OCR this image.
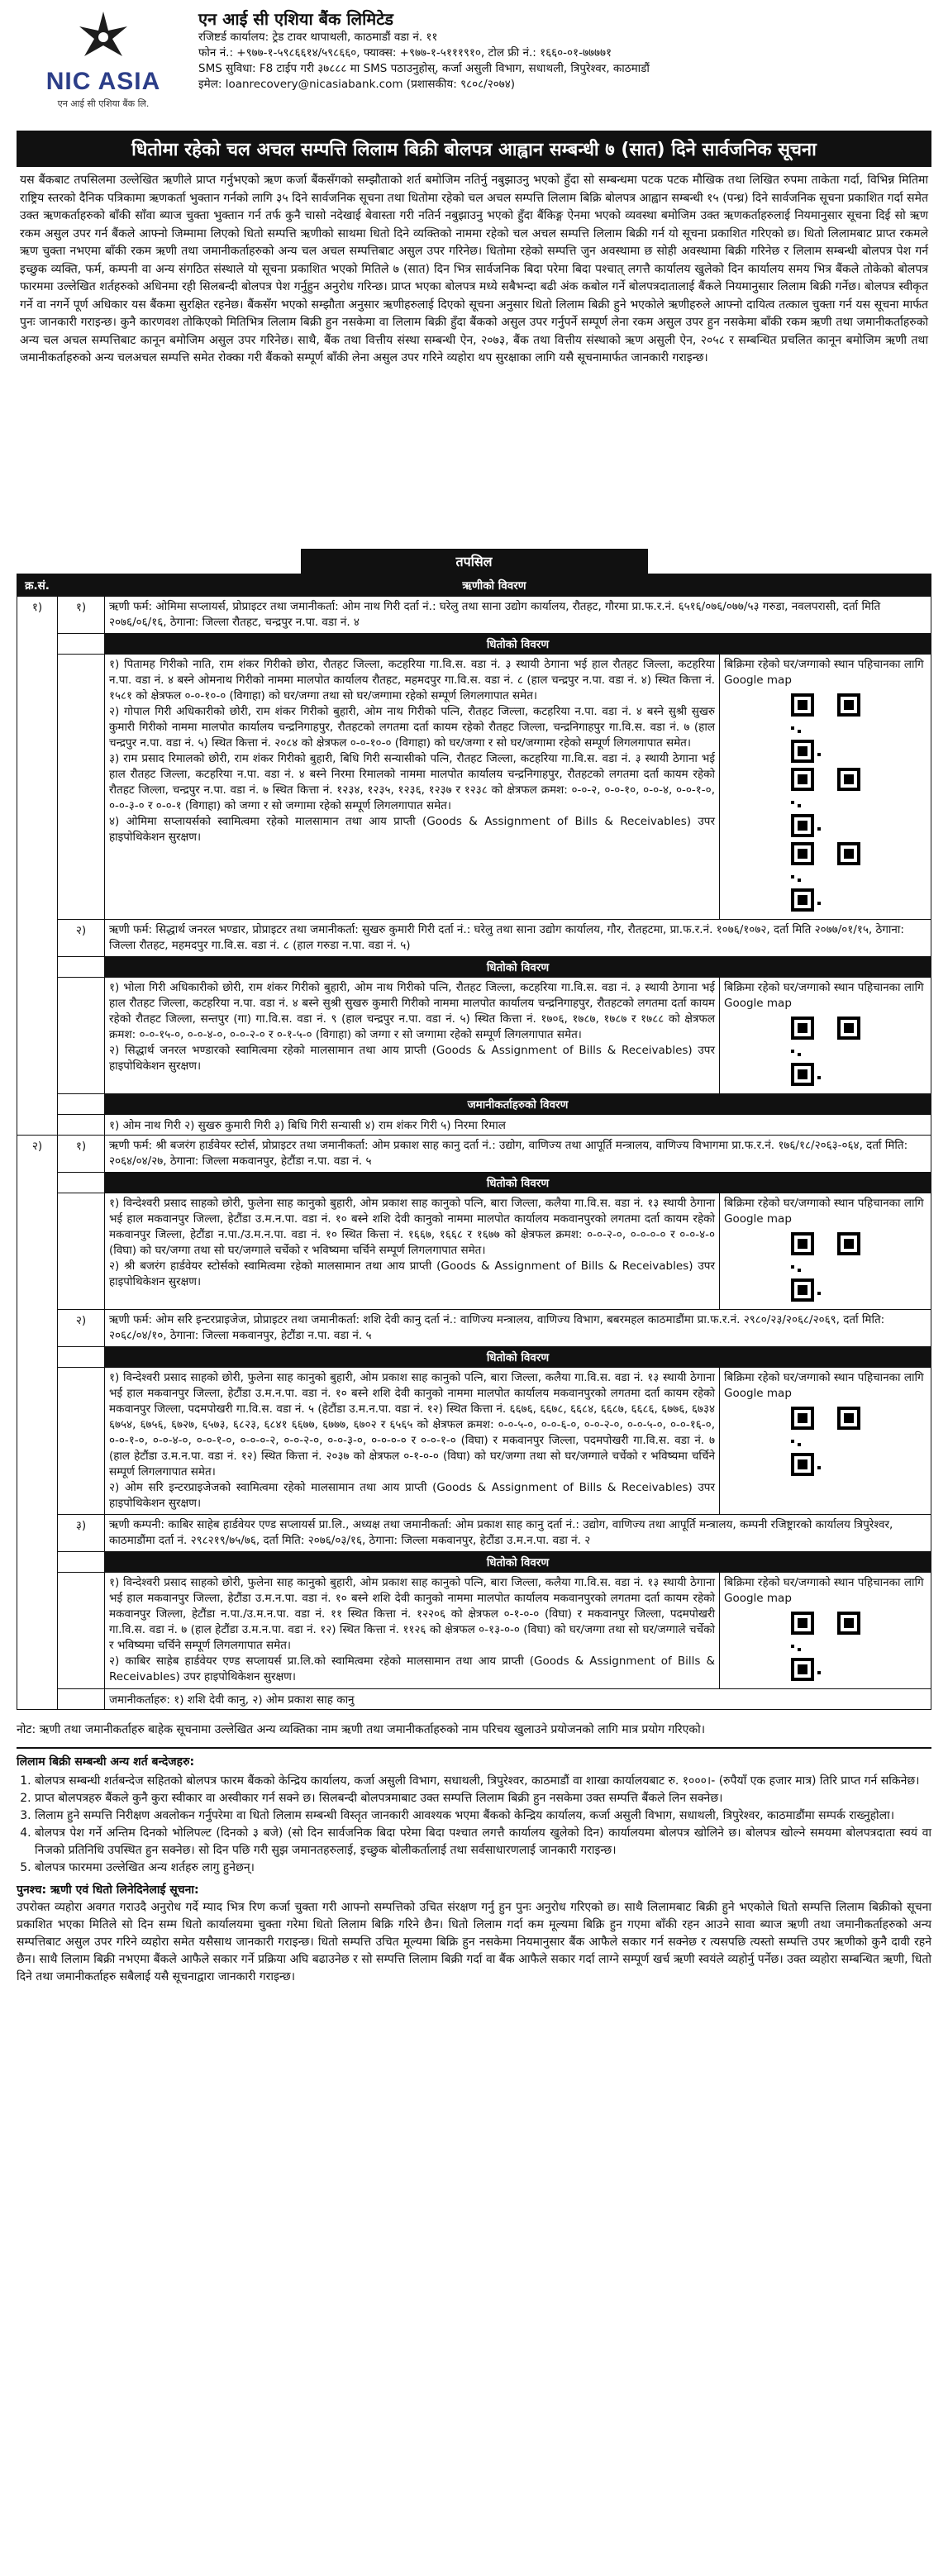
NIC ASIA
एन आई सी एशिया बैंक लि.
एन आई सी एशिया बैंक लिमिटेड
रजिष्टर्ड कार्यालय: ट्रेड टावर थापाथली, काठमाडौं वडा नं. ११
फोन नं.: +९७७-१-५९८६६१४/५९८६६०, फ्याक्स: +९७७-१-५१११९१०, टोल फ्री नं.: १६६०-०१-७७७७१
SMS सुविधा: F8 टाईप गरी ३७८८८ मा SMS पठाउनुहोस्, कर्जा असुली विभाग, सधाथली, त्रिपुरेश्वर, काठमाडौं
इमेल: loanrecovery@nicasiabank.com (प्रशासकीय: ९८०८/२०७४)
धितोमा रहेको चल अचल सम्पत्ति लिलाम बिक्री बोलपत्र आह्वान सम्बन्धी ७ (सात) दिने सार्वजनिक सूचना
यस बैंकबाट तपसिलमा उल्लेखित ऋणीले प्राप्त गर्नुभएको ऋण कर्जा बैंकसँगको सम्झौताको शर्त बमोजिम नतिर्नु नबुझाउनु भएको हुँदा सो सम्बन्धमा पटक पटक मौखिक तथा लिखित रुपमा ताकेता गर्दा, विभिन्न मितिमा राष्ट्रिय स्तरको दैनिक पत्रिकामा ऋणकर्ता भुक्तान गर्नको लागि ३५ दिने सार्वजनिक सूचना तथा धितोमा रहेको चल अचल सम्पत्ति लिलाम बिक्रि बोलपत्र आह्वान सम्बन्धी १५ (पन्ध्र) दिने सार्वजनिक सूचना प्रकाशित गर्दा समेत उक्त ऋणकर्ताहरुको बाँकी साँवा ब्याज चुक्ता भुक्तान गर्न तर्फ कुनै चासो नदेखाई बेवास्ता गरी नतिर्न नबुझाउनु भएको हुँदा बैंकिङ्ग ऐनमा भएको व्यवस्था बमोजिम उक्त ऋणकर्ताहरुलाई नियमानुसार सूचना दिई सो ऋण रकम असुल उपर गर्न बैंकले आफ्नो जिम्मामा लिएको धितो सम्पत्ति ऋणीको साथमा धितो दिने व्यक्तिको नाममा रहेको चल अचल सम्पत्ति लिलाम बिक्री गर्न यो सूचना प्रकाशित गरिएको छ। धितो लिलामबाट प्राप्त रकमले ऋण चुक्ता नभएमा बाँकी रकम ऋणी तथा जमानीकर्ताहरुको अन्य चल अचल सम्पत्तिबाट असुल उपर गरिनेछ। धितोमा रहेको सम्पत्ति जुन अवस्थामा छ सोही अवस्थामा बिक्री गरिनेछ र लिलाम सम्बन्धी बोलपत्र पेश गर्न इच्छुक व्यक्ति, फर्म, कम्पनी वा अन्य संगठित संस्थाले यो सूचना प्रकाशित भएको मितिले ७ (सात) दिन भित्र सार्वजनिक बिदा परेमा बिदा पश्चात् लगत्तै कार्यालय खुलेको दिन कार्यालय समय भित्र बैंकले तोकेको बोलपत्र फारममा उल्लेखित शर्तहरुको अधिनमा रही सिलबन्दी बोलपत्र पेश गर्नुहुन अनुरोध गरिन्छ। प्राप्त भएका बोलपत्र मध्ये सबैभन्दा बढी अंक कबोल गर्ने बोलपत्रदातालाई बैंकले नियमानुसार लिलाम बिक्री गर्नेछ। बोलपत्र स्वीकृत गर्ने वा नगर्ने पूर्ण अधिकार यस बैंकमा सुरक्षित रहनेछ। बैंकसँग भएको सम्झौता अनुसार ऋणीहरुलाई दिएको सूचना अनुसार धितो लिलाम बिक्री हुने भएकोले ऋणीहरुले आफ्नो दायित्व तत्काल चुक्ता गर्न यस सूचना मार्फत पुनः जानकारी गराइन्छ। कुनै कारणवश तोकिएको मितिभित्र लिलाम बिक्री हुन नसकेमा वा लिलाम बिक्री हुँदा बैंकको असुल उपर गर्नुपर्ने सम्पूर्ण लेना रकम असुल उपर हुन नसकेमा बाँकी रकम ऋणी तथा जमानीकर्ताहरुको अन्य चल अचल सम्पत्तिबाट कानून बमोजिम असुल उपर गरिनेछ। साथै, बैंक तथा वित्तीय संस्था सम्बन्धी ऐन, २०७३, बैंक तथा वित्तीय संस्थाको ऋण असुली ऐन, २०५८ र सम्बन्धित प्रचलित कानून बमोजिम ऋणी तथा जमानीकर्ताहरुको अन्य चलअचल सम्पत्ति समेत रोक्का गरी बैंकको सम्पूर्ण बाँकी लेना असुल उपर गरिने व्यहोरा थप सुरक्षाका लागि यसै सूचनामार्फत जानकारी गराइन्छ।
तपसिल
क्र.सं.	ऋणीको विवरण		
१)	१)	ऋणी फर्म: ओमिमा सप्लायर्स, प्रोप्राइटर तथा जमानीकर्ता: ओम नाथ गिरी दर्ता नं.: घरेलु तथा साना उद्योग कार्यालय, रौतहट, गौरमा प्रा.फ.र.नं. ६५१६/०७६/०७७/५३ गरुडा, नवलपरासी, दर्ता मिति २०७६/०६/१६, ठेगाना: जिल्ला रौतहट, चन्द्रपुर न.पा. वडा नं. ४	
		धितोको विवरण	

		१) पितामह गिरीको नाति, राम शंकर गिरीको छोरा, रौतहट जिल्ला, कटहरिया गा.वि.स. वडा नं. ३ स्थायी ठेगाना भई हाल रौतहट जिल्ला, कटहरिया न.पा. वडा नं. ४ बस्ने ओमनाथ गिरीको नाममा मालपोत कार्यालय रौतहट, महमदपुर गा.वि.स. वडा नं. ८ (हाल चन्द्रपुर न.पा. वडा नं. ४) स्थित कित्ता नं. १५८१ को क्षेत्रफल ०-०-१०-० (विगाहा) को घर/जग्गा तथा सो घर/जग्गामा रहेको सम्पूर्ण लिगलगापात समेत।
२) गोपाल गिरी अधिकारीको छोरी, राम शंकर गिरीको बुहारी, ओम नाथ गिरीको पत्नि, रौतहट जिल्ला, कटहरिया न.पा. वडा नं. ४ बस्ने सुश्री सुखरु कुमारी गिरीको नाममा मालपोत कार्यालय चन्द्रनिगाहपुर, रौतहटको लगतमा दर्ता कायम रहेको रौतहट जिल्ला, चन्द्रनिगाहपुर गा.वि.स. वडा नं. ७ (हाल चन्द्रपुर न.पा. वडा नं. ५) स्थित कित्ता नं. २०८४ को क्षेत्रफल ०-०-१०-० (विगाहा) को घर/जग्गा र सो घर/जग्गामा रहेको सम्पूर्ण लिगलगापात समेत।
३) राम प्रसाद रिमालको छोरी, राम शंकर गिरीको बुहारी, बिधि गिरी सन्यासीको पत्नि, रौतहट जिल्ला, कटहरिया गा.वि.स. वडा नं. ३ स्थायी ठेगाना भई हाल रौतहट जिल्ला, कटहरिया न.पा. वडा नं. ४ बस्ने निरमा रिमालको नाममा मालपोत कार्यालय चन्द्रनिगाहपुर, रौतहटको लगतमा दर्ता कायम रहेको रौतहट जिल्ला, चन्द्रपुर न.पा. वडा नं. ७ स्थित कित्ता नं. १२३४, १२३५, १२३६, १२३७ र १२३८ को क्षेत्रफल क्रमश: ०-०-२, ०-०-१०, ०-०-४, ०-०-१-०, ०-०-३-० र ०-०-१ (विगाहा) को जग्गा र सो जग्गामा रहेको सम्पूर्ण लिगलगापात समेत।
४) ओमिमा सप्लायर्सको स्वामित्वमा रहेको मालसामान तथा आय प्राप्ती (Goods & Assignment of Bills & Receivables) उपर हाइपोथिकेशन सुरक्षण।	बिक्रिमा रहेको घर/जग्गाको स्थान पहिचानका लागि Google map

	२)	ऋणी फर्म: सिद्धार्थ जनरल भण्डार, प्रोप्राइटर तथा जमानीकर्ता: सुखरु कुमारी गिरी दर्ता नं.: घरेलु तथा साना उद्योग कार्यालय, गौर, रौतहटमा, प्रा.फ.र.नं. १०७६/१०७२, दर्ता मिति २०७७/०१/१५, ठेगाना: जिल्ला रौतहट, महमदपुर गा.वि.स. वडा नं. ८ (हाल गरुडा न.पा. वडा नं. ५)	
		धितोको विवरण	

		१) भोला गिरी अधिकारीको छोरी, राम शंकर गिरीको बुहारी, ओम नाथ गिरीको पत्नि, रौतहट जिल्ला, कटहरिया गा.वि.स. वडा नं. ३ स्थायी ठेगाना भई हाल रौतहट जिल्ला, कटहरिया न.पा. वडा नं. ४ बस्ने सुश्री सुखरु कुमारी गिरीको नाममा मालपोत कार्यालय चन्द्रनिगाहपुर, रौतहटको लगतमा दर्ता कायम रहेको रौतहट जिल्ला, सन्तपुर (गा) गा.वि.स. वडा नं. ९ (हाल चन्द्रपुर न.पा. वडा नं. ५) स्थित कित्ता नं. १७०६, १७८७, १७८७ र १७८८ को क्षेत्रफल क्रमश: ०-०-१५-०, ०-०-४-०, ०-०-२-० र ०-१-५-० (विगाहा) को जग्गा र सो जग्गामा रहेको सम्पूर्ण लिगलगापात समेत।
२) सिद्धार्थ जनरल भण्डारको स्वामित्वमा रहेको मालसामान तथा आय प्राप्ती (Goods & Assignment of Bills & Receivables) उपर हाइपोथिकेशन सुरक्षण।	बिक्रिमा रहेको घर/जग्गाको स्थान पहिचानका लागि Google map

		जमानीकर्ताहरुको विवरण	
		१) ओम नाथ गिरी २) सुखरु कुमारी गिरी ३) बिधि गिरी सन्यासी ४) राम शंकर गिरी ५) निरमा रिमाल	
२)	१)	ऋणी फर्म: श्री बजरंग हार्डवेयर स्टोर्स, प्रोप्राइटर तथा जमानीकर्ता: ओम प्रकाश साह कानु दर्ता नं.: उद्योग, वाणिज्य तथा आपूर्ति मन्त्रालय, वाणिज्य विभागमा प्रा.फ.र.नं. १७६/१८/२०६३-०६४, दर्ता मिति: २०६४/०४/२७, ठेगाना: जिल्ला मकवानपुर, हेटौंडा न.पा. वडा नं. ५	
		धितोको विवरण	

		१) विन्देश्वरी प्रसाद साहको छोरी, फुलेना साह कानुको बुहारी, ओम प्रकाश साह कानुको पत्नि, बारा जिल्ला, कलैया गा.वि.स. वडा नं. १३ स्थायी ठेगाना भई हाल मकवानपुर जिल्ला, हेटौंडा उ.म.न.पा. वडा नं. १० बस्ने शशि देवी कानुको नाममा मालपोत कार्यालय मकवानपुरको लगतमा दर्ता कायम रहेको मकवानपुर जिल्ला, हेटौंडा न.पा./उ.म.न.पा. वडा नं. १० स्थित कित्ता नं. १६६७, १६६८ र १६७७ को क्षेत्रफल क्रमश: ०-०-२-०, ०-०-०-० र ०-०-४-० (विघा) को घर/जग्गा तथा सो घर/जग्गाले चर्चेको र भविष्यमा चर्चिने सम्पूर्ण लिगलगापात समेत।
२) श्री बजरंग हार्डवेयर स्टोर्सको स्वामित्वमा रहेको मालसामान तथा आय प्राप्ती (Goods & Assignment of Bills & Receivables) उपर हाइपोथिकेशन सुरक्षण।	बिक्रिमा रहेको घर/जग्गाको स्थान पहिचानका लागि Google map

	२)	ऋणी फर्म: ओम सरि इन्टरप्राइजेज, प्रोप्राइटर तथा जमानीकर्ता: शशि देवी कानु दर्ता नं.: वाणिज्य मन्त्रालय, वाणिज्य विभाग, बबरमहल काठमाडौंमा प्रा.फ.र.नं. २९८०/२३/२०६८/२०६९, दर्ता मिति: २०६८/०४/१०, ठेगाना: जिल्ला मकवानपुर, हेटौंडा न.पा. वडा नं. ५	
		धितोको विवरण	

		१) विन्देश्वरी प्रसाद साहको छोरी, फुलेना साह कानुको बुहारी, ओम प्रकाश साह कानुको पत्नि, बारा जिल्ला, कलैया गा.वि.स. वडा नं. १३ स्थायी ठेगाना भई हाल मकवानपुर जिल्ला, हेटौंडा उ.म.न.पा. वडा नं. १० बस्ने शशि देवी कानुको नाममा मालपोत कार्यालय मकवानपुरको लगतमा दर्ता कायम रहेको मकवानपुर जिल्ला, पदमपोखरी गा.वि.स. वडा नं. ५ (हेटौंडा उ.म.न.पा. वडा नं. १२) स्थित कित्ता नं. ६६७६, ६६७८, ६६८४, ६६८७, ६६८६, ६७७६, ६७३४ ६७५४, ६७५६, ६७२७, ६५७३, ६८२३, ६८४१ ६६७७, ६७७७, ६७०२ र ६५६५ को क्षेत्रफल क्रमश: ०-०-५-०, ०-०-६-०, ०-०-२-०, ०-०-५-०, ०-०-१६-०, ०-०-१-०, ०-०-४-०, ०-०-१-०, ०-०-०-२, ०-०-२-०, ०-०-३-०, ०-०-०-० र ०-०-१-० (विघा) र मकवानपुर जिल्ला, पदमपोखरी गा.वि.स. वडा नं. ७ (हाल हेटौंडा उ.म.न.पा. वडा नं. १२) स्थित कित्ता नं. २०३७ को क्षेत्रफल ०-१-०-० (विघा) को घर/जग्गा तथा सो घर/जग्गाले चर्चेको र भविष्यमा चर्चिने सम्पूर्ण लिगलगापात समेत।
२) ओम सरि इन्टरप्राइजेजको स्वामित्वमा रहेको मालसामान तथा आय प्राप्ती (Goods & Assignment of Bills & Receivables) उपर हाइपोथिकेशन सुरक्षण।	बिक्रिमा रहेको घर/जग्गाको स्थान पहिचानका लागि Google map

	३)	ऋणी कम्पनी: काबिर साहेब हार्डवेयर एण्ड सप्लायर्स प्रा.लि., अध्यक्ष तथा जमानीकर्ता: ओम प्रकाश साह कानु दर्ता नं.: उद्योग, वाणिज्य तथा आपूर्ति मन्त्रालय, कम्पनी रजिष्ट्रारको कार्यालय त्रिपुरेश्वर, काठमाडौंमा दर्ता नं. २९८२१९/७५/७६, दर्ता मिति: २०७६/०३/१६, ठेगाना: जिल्ला मकवानपुर, हेटौंडा उ.म.न.पा. वडा नं. २	
		धितोको विवरण	

		१) विन्देश्वरी प्रसाद साहको छोरी, फुलेना साह कानुको बुहारी, ओम प्रकाश साह कानुको पत्नि, बारा जिल्ला, कलैया गा.वि.स. वडा नं. १३ स्थायी ठेगाना भई हाल मकवानपुर जिल्ला, हेटौंडा उ.म.न.पा. वडा नं. १० बस्ने शशि देवी कानुको नाममा मालपोत कार्यालय मकवानपुरको लगतमा दर्ता कायम रहेको मकवानपुर जिल्ला, हेटौंडा न.पा./उ.म.न.पा. वडा नं. ११ स्थित कित्ता नं. १२२०६ को क्षेत्रफल ०-१-०-० (विघा) र मकवानपुर जिल्ला, पदमपोखरी गा.वि.स. वडा नं. ७ (हाल हेटौंडा उ.म.न.पा. वडा नं. १२) स्थित कित्ता नं. ११२६ को क्षेत्रफल ०-१३-०-० (विघा) को घर/जग्गा तथा सो घर/जग्गाले चर्चेको र भविष्यमा चर्चिने सम्पूर्ण लिगलगापात समेत।
२) काबिर साहेब हार्डवेयर एण्ड सप्लायर्स प्रा.लि.को स्वामित्वमा रहेको मालसामान तथा आय प्राप्ती (Goods & Assignment of Bills & Receivables) उपर हाइपोथिकेशन सुरक्षण।	बिक्रिमा रहेको घर/जग्गाको स्थान पहिचानका लागि Google map

		जमानीकर्ताहरु: १) शशि देवी कानु, २) ओम प्रकाश साह कानु	
नोट: ऋणी तथा जमानीकर्ताहरु बाहेक सूचनामा उल्लेखित अन्य व्यक्तिका नाम ऋणी तथा जमानीकर्ताहरुको नाम परिचय खुलाउने प्रयोजनको लागि मात्र प्रयोग गरिएको।
लिलाम बिक्री सम्बन्धी अन्य शर्त बन्देजहरु:
1. बोलपत्र सम्बन्धी शर्तबन्देज सहितको बोलपत्र फारम बैंकको केन्द्रिय कार्यालय, कर्जा असुली विभाग, सधाथली, त्रिपुरेश्वर, काठमाडौं वा शाखा कार्यालयबाट रु. १०००।- (रुपैयाँ एक हजार मात्र) तिरि प्राप्त गर्न सकिनेछ।
2. प्राप्त बोलपत्रहरु बैंकले कुनै कुरा स्वीकार वा अस्वीकार गर्न सक्ने छ। सिलबन्दी बोलपत्रमाबाट उक्त सम्पत्ति लिलाम बिक्री हुन नसकेमा उक्त सम्पत्ति बैंकले लिन सक्नेछ।
3. लिलाम हुने सम्पत्ति निरीक्षण अवलोकन गर्नुपरेमा वा धितो लिलाम सम्बन्धी विस्तृत जानकारी आवश्यक भएमा बैंकको केन्द्रिय कार्यालय, कर्जा असुली विभाग, सधाथली, त्रिपुरेश्वर, काठमाडौंमा सम्पर्क राख्नुहोला।
4. बोलपत्र पेश गर्ने अन्तिम दिनको भोलिपल्ट (दिनको ३ बजे) (सो दिन सार्वजनिक बिदा परेमा बिदा पश्चात लगत्तै कार्यालय खुलेको दिन) कार्यालयमा बोलपत्र खोलिने छ। बोलपत्र खोल्ने समयमा बोलपत्रदाता स्वयं वा निजको प्रतिनिधि उपस्थित हुन सक्नेछ। सो दिन पछि गरी सुझ जमानतहरुलाई, इच्छुक बोलीकर्तालाई तथा सर्वसाधारणलाई जानकारी गराइन्छ।
5. बोलपत्र फारममा उल्लेखित अन्य शर्तहरु लागु हुनेछन्।
पुनश्च: ऋणी एवं धितो लिनेदिनेलाई सूचना:
उपरोक्त व्यहोरा अवगत गराउदै अनुरोध गर्दे म्याद भित्र रिण कर्जा चुक्ता गरी आफ्नो सम्पत्तिको उचित संरक्षण गर्नु हुन पुनः अनुरोध गरिएको छ। साथै लिलामबाट बिक्री हुने भएकोले धितो सम्पत्ति लिलाम बिक्रीको सूचना प्रकाशित भएका मितिले सो दिन सम्म धितो कार्यालयमा चुक्ता गरेमा धितो लिलाम बिक्रि गरिने छैन। धितो लिलाम गर्दा कम मूल्यमा बिक्रि हुन गएमा बाँकी रहन आउने सावा ब्याज ऋणी तथा जमानीकर्ताहरुको अन्य सम्पत्तिबाट असुल उपर गरिने व्यहोरा समेत यसैसाथ जानकारी गराइन्छ। धितो सम्पत्ति उचित मूल्यमा बिक्रि हुन नसकेमा नियमानुसार बैंक आफैले सकार गर्न सक्नेछ र त्यसपछि त्यस्तो सम्पत्ति उपर ऋणीको कुनै दावी रहने छैन। साथै लिलाम बिक्री नभएमा बैंकले आफैले सकार गर्ने प्रक्रिया अघि बढाउनेछ र सो सम्पत्ति लिलाम बिक्री गर्दा वा बैंक आफैले सकार गर्दा लाग्ने सम्पूर्ण खर्च ऋणी स्वयंले व्यहोर्नु पर्नेछ। उक्त व्यहोरा सम्बन्धित ऋणी, धितो दिने तथा जमानीकर्ताहरु सबैलाई यसै सूचनाद्वारा जानकारी गराइन्छ।
